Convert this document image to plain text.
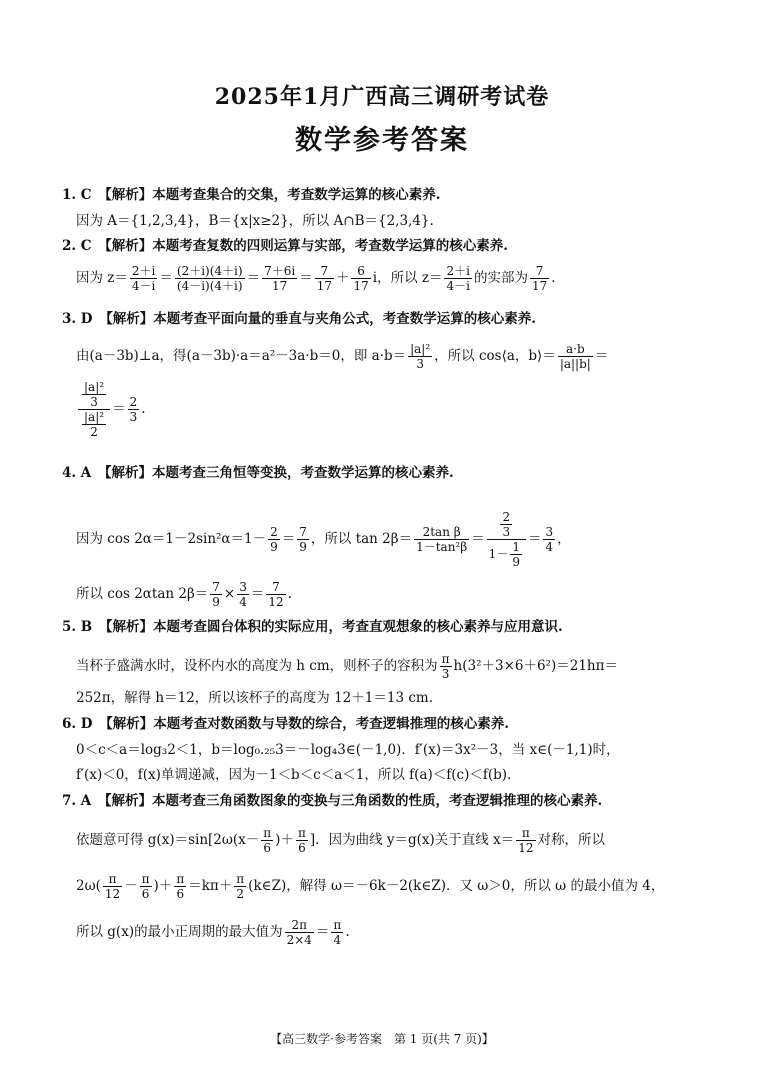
2025年1月广西高三调研考试卷
数学参考答案
1. C　【解析】本题考查集合的交集，考查数学运算的核心素养.
因为 A＝{1,2,3,4}，B＝{x|x≥2}，所以 A∩B＝{2,3,4}.
2. C　【解析】本题考查复数的四则运算与实部，考查数学运算的核心素养.
因为 $z= \frac{2+i}{4-i} = \frac{(2+i)(4+i)}{(4-i)(4+i)} = \frac{7+6i}{17} = \frac{7}{17} + \frac{6}{17}$ i，所以 $z= \frac{2+i}{4-i}$ 的实部为 $\frac{7}{17}$ .
3. D　【解析】本题考查平面向量的垂直与夹角公式，考查数学运算的核心素养.
由(a－3b)⊥a，得(a－3b)·a＝a²－3a·b＝0，即 $a\cdot b= \frac{\text{|a|²}}{3}$ ，所以 cos⟨a，b⟩＝ $\frac{a\cdot b}{|a||b|}$ ＝
$\frac{\frac{\text{|a|²}}{3}}{\frac{\text{|a|²}}{2}} = \frac{2}{3}$ .
4. A　【解析】本题考查三角恒等变换，考查数学运算的核心素养.
因为 $\cos 2\alpha=1-2\sin^2\alpha=1- \frac{2}{9} = \frac{7}{9}$ ，所以 $\tan 2\beta= \frac{\text{2tan β}}{\text{1－tan²β}} = \frac{\frac{2}{3}}{1- \frac{1}{9}} = \frac{3}{4}$ ，
所以 cos 2αtan $2\beta= \frac{7}{9} \times \frac{3}{4} = \frac{7}{12}$ .
5. B　【解析】本题考查圆台体积的实际应用，考查直观想象的核心素养与应用意识.
当杯子盛满水时，设杯内水的高度为 h cm，则杯子的容积为 $\frac{\pi}{3} h(3^2+3\times 6+6^2)=21h\pi=$
252π，解得 h＝12，所以该杯子的高度为 12＋1＝13 cm.
6. D　【解析】本题考查对数函数与导数的综合，考查逻辑推理的核心素养.
0＜c＜a＝log₃2＜1，b＝log₀.₂₅3＝－log₄3∈(－1,0)．f′(x)＝3x²－3，当 x∈(－1,1)时，
f′(x)＜0，f(x)单调递减，因为－1＜b＜c＜a＜1，所以 f(a)＜f(c)＜f(b).
7. A　【解析】本题考查三角函数图象的变换与三角函数的性质，考查逻辑推理的核心素养.
依题意可得 $g(x)=\sin[2\omega(x- \frac{\pi}{6}$ )＋ $\frac{\pi}{6}$ ]．因为曲线 y＝g(x)关于直线 $x= \frac{\pi}{12}$ 对称，所以
$2\omega( \frac{\pi}{12} - \frac{\pi}{6}$ )＋ $\frac{\pi}{6} =k\pi+ \frac{\pi}{2}$ (k∈Z)，解得 ω＝－6k－2(k∈Z)．又 ω＞0，所以 ω 的最小值为 4，
所以 g(x)的最小正周期的最大值为 $\frac{2\pi}{2\times 4} = \frac{\pi}{4}$ .
【高三数学·参考答案　第 1 页(共 7 页)】
